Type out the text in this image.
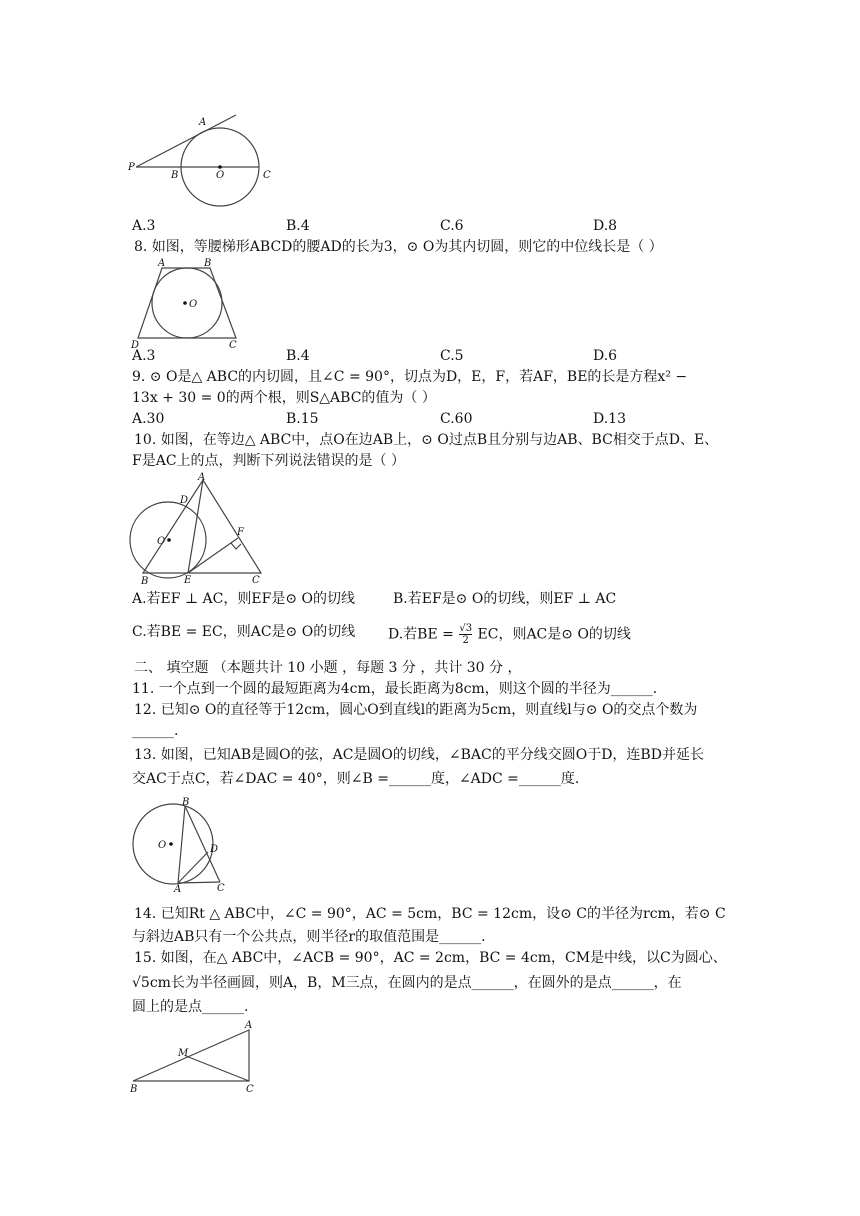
P
A
B	O	C
A.3	B.4	C.6	D.8
8. 如图，等腰梯形ABCD的腰AD的长为3，⊙ O为其内切圆，则它的中位线长是（ ）
A	B
O
C
D
A.3	B.4	C.5	D.6
9. ⊙ O是△ ABC的内切圆，且∠C = 90°，切点为D，E，F，若AF，BE的长是方程x² −
13x + 30 = 0的两个根，则S△ABC的值为（ ）
A.30	B.15	C.60	D.13
10. 如图，在等边△ ABC中，点O在边AB上，⊙ O过点B且分别与边AB、BC相交于点D、E、
F是AC上的点，判断下列说法错误的是（ ）
A
D
O
F
B	E	C
A.若EF ⊥ AC，则EF是⊙ O的切线	B.若EF是⊙ O的切线，则EF ⊥ AC
C.若BE = EC，则AC是⊙ O的切线 D.若BE = $\frac{√3}{2}$ EC，则AC是⊙ O的切线
二、 填空题 （本题共计 10 小题 ，每题 3 分 ，共计 30 分 ，
11. 一个点到一个圆的最短距离为4cm，最长距离为8cm，则这个圆的半径为______.
12. 已知⊙ O的直径等于12cm，圆心O到直线l的距离为5cm，则直线l与⊙ O的交点个数为
______.
13. 如图，已知AB是圆O的弦，AC是圆O的切线，∠BAC的平分线交圆O于D，连BD并延长
交AC于点C，若∠DAC = 40°，则∠B =______度，∠ADC =______度.
B
O	D
A	C
14. 已知Rt △ ABC中，∠C = 90°，AC = 5cm，BC = 12cm，设⊙ C的半径为rcm，若⊙ C
与斜边AB只有一个公共点，则半径r的取值范围是______.
15. 如图，在△ ABC中，∠ACB = 90°，AC = 2cm，BC = 4cm，CM是中线，以C为圆心、
√5cm长为半径画圆，则A，B，M三点，在圆内的是点______，在圆外的是点______，在
圆上的是点______.
A
M
B	C
